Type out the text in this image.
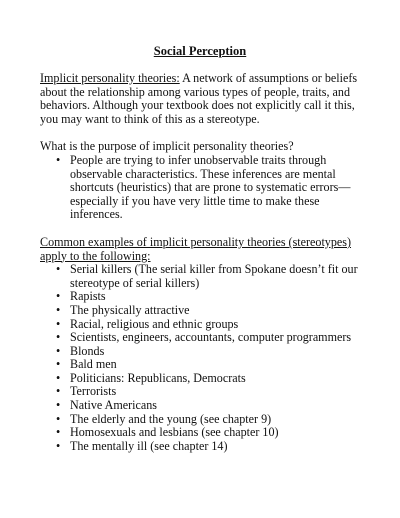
Social Perception

Implicit personality theories: A network of assumptions or beliefs about the relationship among various types of people, traits, and behaviors. Although your textbook does not explicitly call it this, you may want to think of this as a stereotype.

What is the purpose of implicit personality theories?

• People are trying to infer unobservable traits through observable characteristics. These inferences are mental shortcuts (heuristics) that are prone to systematic errors—especially if you have very little time to make these inferences.

Common examples of implicit personality theories (stereotypes) apply to the following:

• Serial killers (The serial killer from Spokane doesn’t fit our stereotype of serial killers)
• Rapists
• The physically attractive
• Racial, religious and ethnic groups
• Scientists, engineers, accountants, computer programmers
• Blonds
• Bald men
• Politicians: Republicans, Democrats
• Terrorists
• Native Americans
• The elderly and the young (see chapter 9)
• Homosexuals and lesbians (see chapter 10)
• The mentally ill (see chapter 14)
